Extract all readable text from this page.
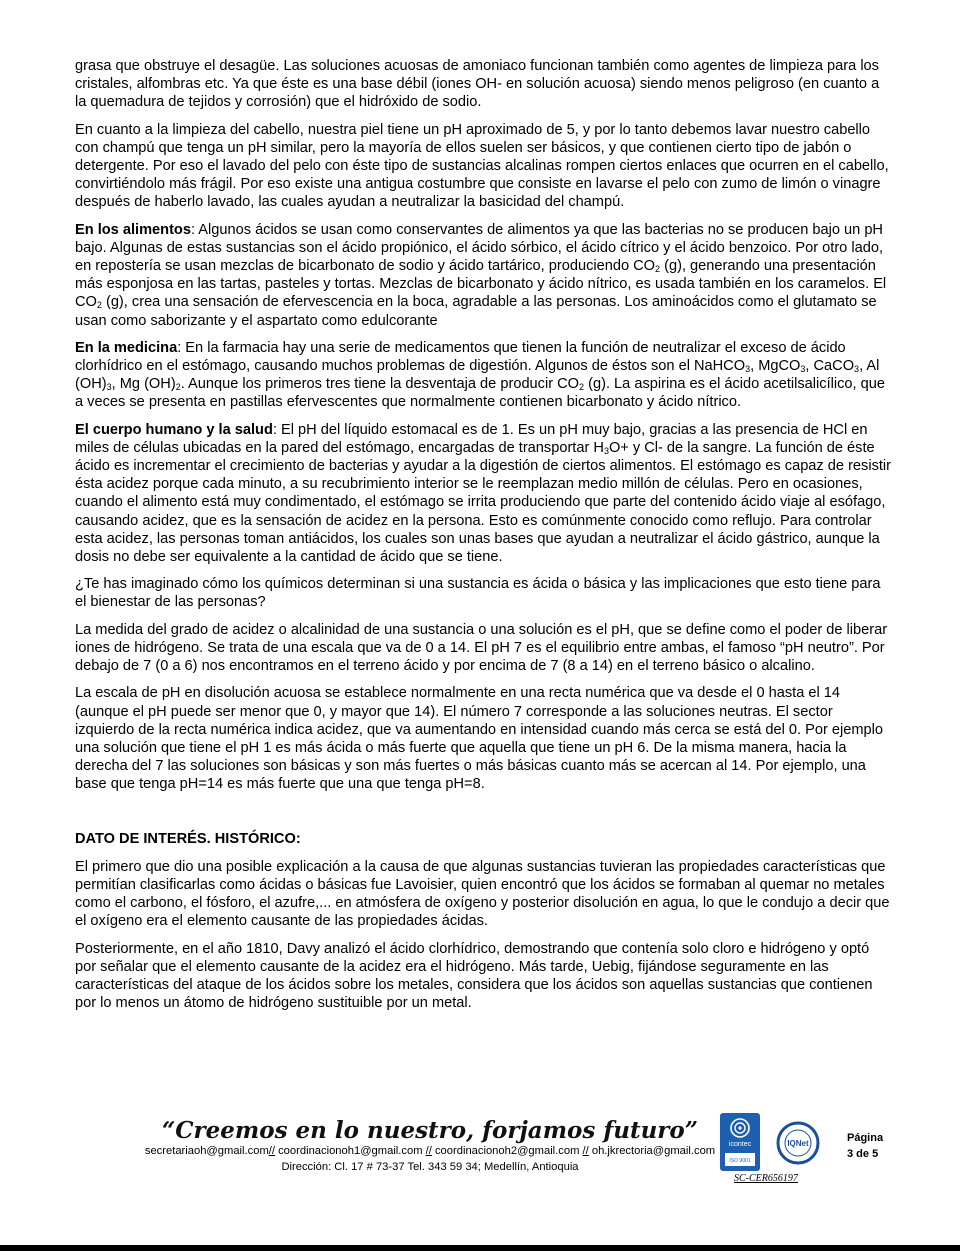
grasa que obstruye el desagüe. Las soluciones acuosas de amoniaco funcionan también como agentes de limpieza para los cristales, alfombras etc. Ya que éste es una base débil (iones OH- en solución acuosa) siendo menos peligroso (en cuanto a la quemadura de tejidos y corrosión) que el hidróxido de sodio.

En cuanto a la limpieza del cabello, nuestra piel tiene un pH aproximado de 5, y por lo tanto debemos lavar nuestro cabello con champú que tenga un pH similar, pero la mayoría de ellos suelen ser básicos, y que contienen cierto tipo de jabón o detergente. Por eso el lavado del pelo con éste tipo de sustancias alcalinas rompen ciertos enlaces que ocurren en el cabello, convirtiéndolo más frágil. Por eso existe una antigua costumbre que consiste en lavarse el pelo con zumo de limón o vinagre después de haberlo lavado, las cuales ayudan a neutralizar la basicidad del champú.

En los alimentos: Algunos ácidos se usan como conservantes de alimentos ya que las bacterias no se producen bajo un pH bajo. Algunas de estas sustancias son el ácido propiónico, el ácido sórbico, el ácido cítrico y el ácido benzoico. Por otro lado, en repostería se usan mezclas de bicarbonato de sodio y ácido tartárico, produciendo $CO_2$ (g), generando una presentación más esponjosa en las tartas, pasteles y tortas. Mezclas de bicarbonato y ácido nítrico, es usada también en los caramelos. El $CO_2$ (g), crea una sensación de efervescencia en la boca, agradable a las personas. Los aminoácidos como el glutamato se usan como saborizante y el aspartato como edulcorante

En la medicina: En la farmacia hay una serie de medicamentos que tienen la función de neutralizar el exceso de ácido clorhídrico en el estómago, causando muchos problemas de digestión. Algunos de éstos son el NaHCO$_3$, MgCO$_3$, CaCO$_3$, Al $(OH)_3$, Mg $(OH)_2$. Aunque los primeros tres tiene la desventaja de producir $CO_2$ (g). La aspirina es el ácido acetilsalicílico, que a veces se presenta en pastillas efervescentes que normalmente contienen bicarbonato y ácido nítrico.

El cuerpo humano y la salud: El pH del líquido estomacal es de 1. Es un pH muy bajo, gracias a las presencia de HCl en miles de células ubicadas en la pared del estómago, encargadas de transportar $H_3O+ y$ Cl- de la sangre. La función de éste ácido es incrementar el crecimiento de bacterias y ayudar a la digestión de ciertos alimentos. El estómago es capaz de resistir ésta acidez porque cada minuto, a su recubrimiento interior se le reemplazan medio millón de células. Pero en ocasiones, cuando el alimento está muy condimentado, el estómago se irrita produciendo que parte del contenido ácido viaje al esófago, causando acidez, que es la sensación de acidez en la persona. Esto es comúnmente conocido como reflujo. Para controlar esta acidez, las personas toman antiácidos, los cuales son unas bases que ayudan a neutralizar el ácido gástrico, aunque la dosis no debe ser equivalente a la cantidad de ácido que se tiene.

¿Te has imaginado cómo los químicos determinan si una sustancia es ácida o básica y las implicaciones que esto tiene para el bienestar de las personas?

La medida del grado de acidez o alcalinidad de una sustancia o una solución es el pH, que se define como el poder de liberar iones de hidrógeno. Se trata de una escala que va de 0 a 14. El pH 7 es el equilibrio entre ambas, el famoso “pH neutro”. Por debajo de 7 (0 a 6) nos encontramos en el terreno ácido y por encima de 7 (8 a 14) en el terreno básico o alcalino.

La escala de pH en disolución acuosa se establece normalmente en una recta numérica que va desde el 0 hasta el 14 (aunque el pH puede ser menor que 0, y mayor que 14). El número 7 corresponde a las soluciones neutras. El sector izquierdo de la recta numérica indica acidez, que va aumentando en intensidad cuando más cerca se está del 0. Por ejemplo una solución que tiene el pH 1 es más ácida o más fuerte que aquella que tiene un pH 6. De la misma manera, hacia la derecha del 7 las soluciones son básicas y son más fuertes o más básicas cuanto más se acercan al 14. Por ejemplo, una base que tenga pH=14 es más fuerte que una que tenga pH=8.

DATO DE INTERÉS. HISTÓRICO:

El primero que dio una posible explicación a la causa de que algunas sustancias tuvieran las propiedades características que permitían clasificarlas como ácidas o básicas fue Lavoisier, quien encontró que los ácidos se formaban al quemar no metales como el carbono, el fósforo, el azufre,... en atmósfera de oxígeno y posterior disolución en agua, lo que le condujo a decir que el oxígeno era el elemento causante de las propiedades ácidas.

Posteriormente, en el año 1810, Davy analizó el ácido clorhídrico, demostrando que contenía solo cloro e hidrógeno y optó por señalar que el elemento causante de la acidez era el hidrógeno. Más tarde, Uebig, fijándose seguramente en las características del ataque de los ácidos sobre los metales, considera que los ácidos son aquellas sustancias que contienen por lo menos un átomo de hidrógeno sustituible por un metal.

“Creemos en lo nuestro, forjamos futuro”
secretariaoh@gmail.com// coordinacionoh1@gmail.com // coordinacionoh2@gmail.com // oh.jkrectoria@gmail.com
Dirección: Cl. 17 # 73-37 Tel. 343 59 34; Medellín, Antioquia
icontec
ISO 9001
IQNet
SC-CER656197
Página
3 de 5
